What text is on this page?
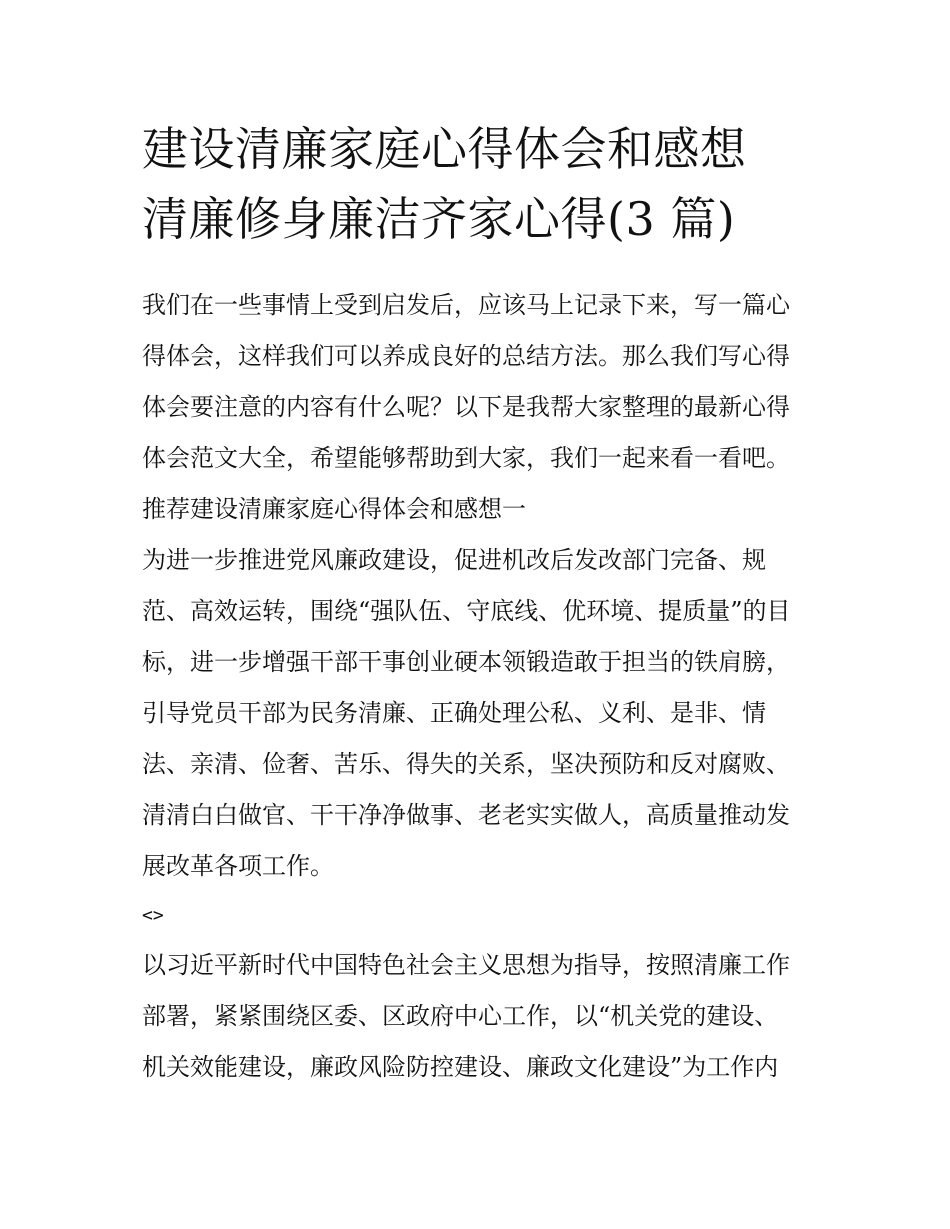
建设清廉家庭心得体会和感想
清廉修身廉洁齐家心得(3 篇)
我们在一些事情上受到启发后，应该马上记录下来，写一篇心
得体会，这样我们可以养成良好的总结方法。那么我们写心得
体会要注意的内容有什么呢？以下是我帮大家整理的最新心得
体会范文大全，希望能够帮助到大家，我们一起来看一看吧。
推荐建设清廉家庭心得体会和感想一
为进一步推进党风廉政建设，促进机改后发改部门完备、规
范、高效运转，围绕“强队伍、守底线、优环境、提质量”的目
标，进一步增强干部干事创业硬本领锻造敢于担当的铁肩膀，
引导党员干部为民务清廉、正确处理公私、义利、是非、情
法、亲清、俭奢、苦乐、得失的关系，坚决预防和反对腐败、
清清白白做官、干干净净做事、老老实实做人，高质量推动发
展改革各项工作。
<>
以习近平新时代中国特色社会主义思想为指导，按照清廉工作
部署，紧紧围绕区委、区政府中心工作，以“机关党的建设、
机关效能建设，廉政风险防控建设、廉政文化建设”为工作内
